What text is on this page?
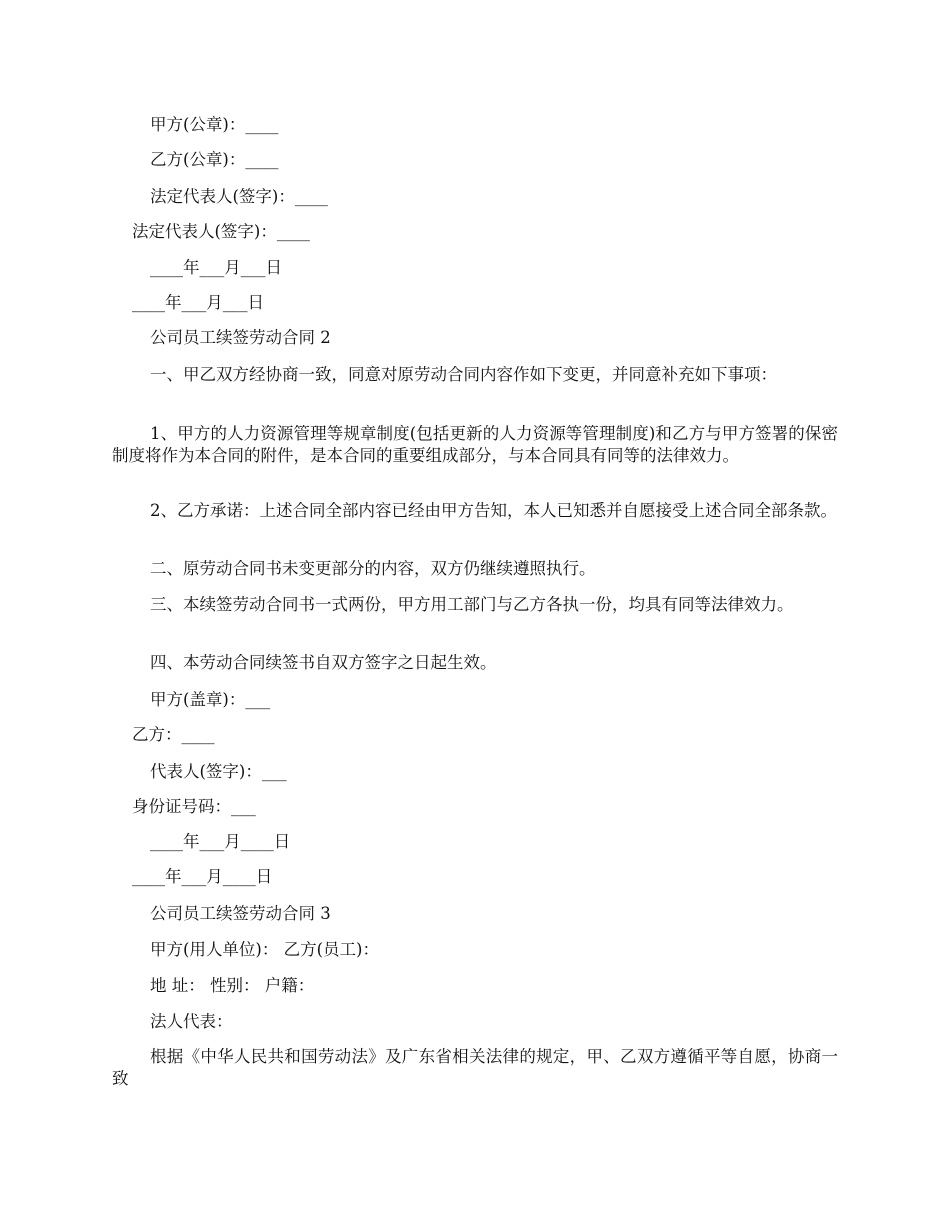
甲方(公章)：____
乙方(公章)：____
法定代表人(签字)：____
法定代表人(签字)：____
____年___月___日
____年___月___日
公司员工续签劳动合同 2
一、甲乙双方经协商一致，同意对原劳动合同内容作如下变更，并同意补充如下事项：
1、甲方的人力资源管理等规章制度(包括更新的人力资源等管理制度)和乙方与甲方签署的保密制度将作为本合同的附件，是本合同的重要组成部分，与本合同具有同等的法律效力。
2、乙方承诺：上述合同全部内容已经由甲方告知，本人已知悉并自愿接受上述合同全部条款。
二、原劳动合同书未变更部分的内容，双方仍继续遵照执行。
三、本续签劳动合同书一式两份，甲方用工部门与乙方各执一份，均具有同等法律效力。
四、本劳动合同续签书自双方签字之日起生效。
甲方(盖章)：___
乙方：____
代表人(签字)：___
身份证号码：___
____年___月____日
____年___月____日
公司员工续签劳动合同 3
甲方(用人单位)： 乙方(员工)：
地 址： 性别： 户籍：
法人代表：
根据《中华人民共和国劳动法》及广东省相关法律的规定，甲、乙双方遵循平等自愿，协商一致
